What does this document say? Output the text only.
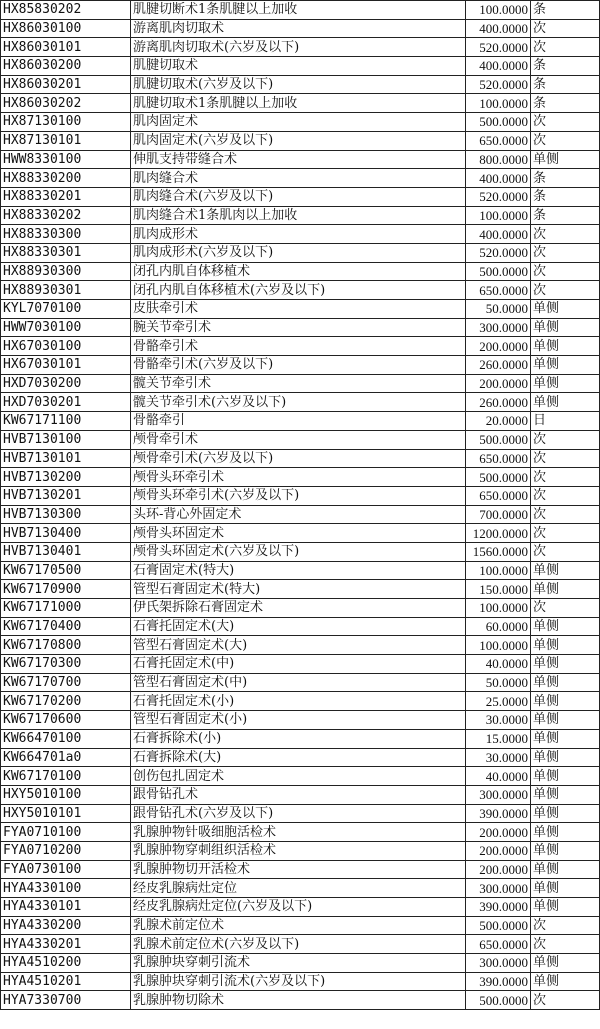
HX85830202	肌腱切断术1条肌腱以上加收	100.0000	条
HX86030100	游离肌肉切取术	400.0000	次
HX86030101	游离肌肉切取术(六岁及以下)	520.0000	次
HX86030200	肌腱切取术	400.0000	条
HX86030201	肌腱切取术(六岁及以下)	520.0000	条
HX86030202	肌腱切取术1条肌腱以上加收	100.0000	条
HX87130100	肌肉固定术	500.0000	次
HX87130101	肌肉固定术(六岁及以下)	650.0000	次
HWW8330100	伸肌支持带缝合术	800.0000	单侧
HX88330200	肌肉缝合术	400.0000	条
HX88330201	肌肉缝合术(六岁及以下)	520.0000	条
HX88330202	肌肉缝合术1条肌肉以上加收	100.0000	条
HX88330300	肌肉成形术	400.0000	次
HX88330301	肌肉成形术(六岁及以下)	520.0000	次
HX88930300	闭孔内肌自体移植术	500.0000	次
HX88930301	闭孔内肌自体移植术(六岁及以下)	650.0000	次
KYL7070100	皮肤牵引术	50.0000	单侧
HWW7030100	腕关节牵引术	300.0000	单侧
HX67030100	骨骼牵引术	200.0000	单侧
HX67030101	骨骼牵引术(六岁及以下)	260.0000	单侧
HXD7030200	髋关节牵引术	200.0000	单侧
HXD7030201	髋关节牵引术(六岁及以下)	260.0000	单侧
KW67171100	骨骼牵引	20.0000	日
HVB7130100	颅骨牵引术	500.0000	次
HVB7130101	颅骨牵引术(六岁及以下)	650.0000	次
HVB7130200	颅骨头环牵引术	500.0000	次
HVB7130201	颅骨头环牵引术(六岁及以下)	650.0000	次
HVB7130300	头环-背心外固定术	700.0000	次
HVB7130400	颅骨头环固定术	1200.0000	次
HVB7130401	颅骨头环固定术(六岁及以下)	1560.0000	次
KW67170500	石膏固定术(特大)	100.0000	单侧
KW67170900	管型石膏固定术(特大)	150.0000	单侧
KW67171000	伊氏架拆除石膏固定术	100.0000	次
KW67170400	石膏托固定术(大)	60.0000	单侧
KW67170800	管型石膏固定术(大)	100.0000	单侧
KW67170300	石膏托固定术(中)	40.0000	单侧
KW67170700	管型石膏固定术(中)	50.0000	单侧
KW67170200	石膏托固定术(小)	25.0000	单侧
KW67170600	管型石膏固定术(小)	30.0000	单侧
KW66470100	石膏拆除术(小)	15.0000	单侧
KW664701a0	石膏拆除术(大)	30.0000	单侧
KW67170100	创伤包扎固定术	40.0000	单侧
HXY5010100	跟骨钻孔术	300.0000	单侧
HXY5010101	跟骨钻孔术(六岁及以下)	390.0000	单侧
FYA0710100	乳腺肿物针吸细胞活检术	200.0000	单侧
FYA0710200	乳腺肿物穿刺组织活检术	200.0000	单侧
FYA0730100	乳腺肿物切开活检术	200.0000	单侧
HYA4330100	经皮乳腺病灶定位	300.0000	单侧
HYA4330101	经皮乳腺病灶定位(六岁及以下)	390.0000	单侧
HYA4330200	乳腺术前定位术	500.0000	次
HYA4330201	乳腺术前定位术(六岁及以下)	650.0000	次
HYA4510200	乳腺肿块穿刺引流术	300.0000	单侧
HYA4510201	乳腺肿块穿刺引流术(六岁及以下)	390.0000	单侧
HYA7330700	乳腺肿物切除术	500.0000	次
